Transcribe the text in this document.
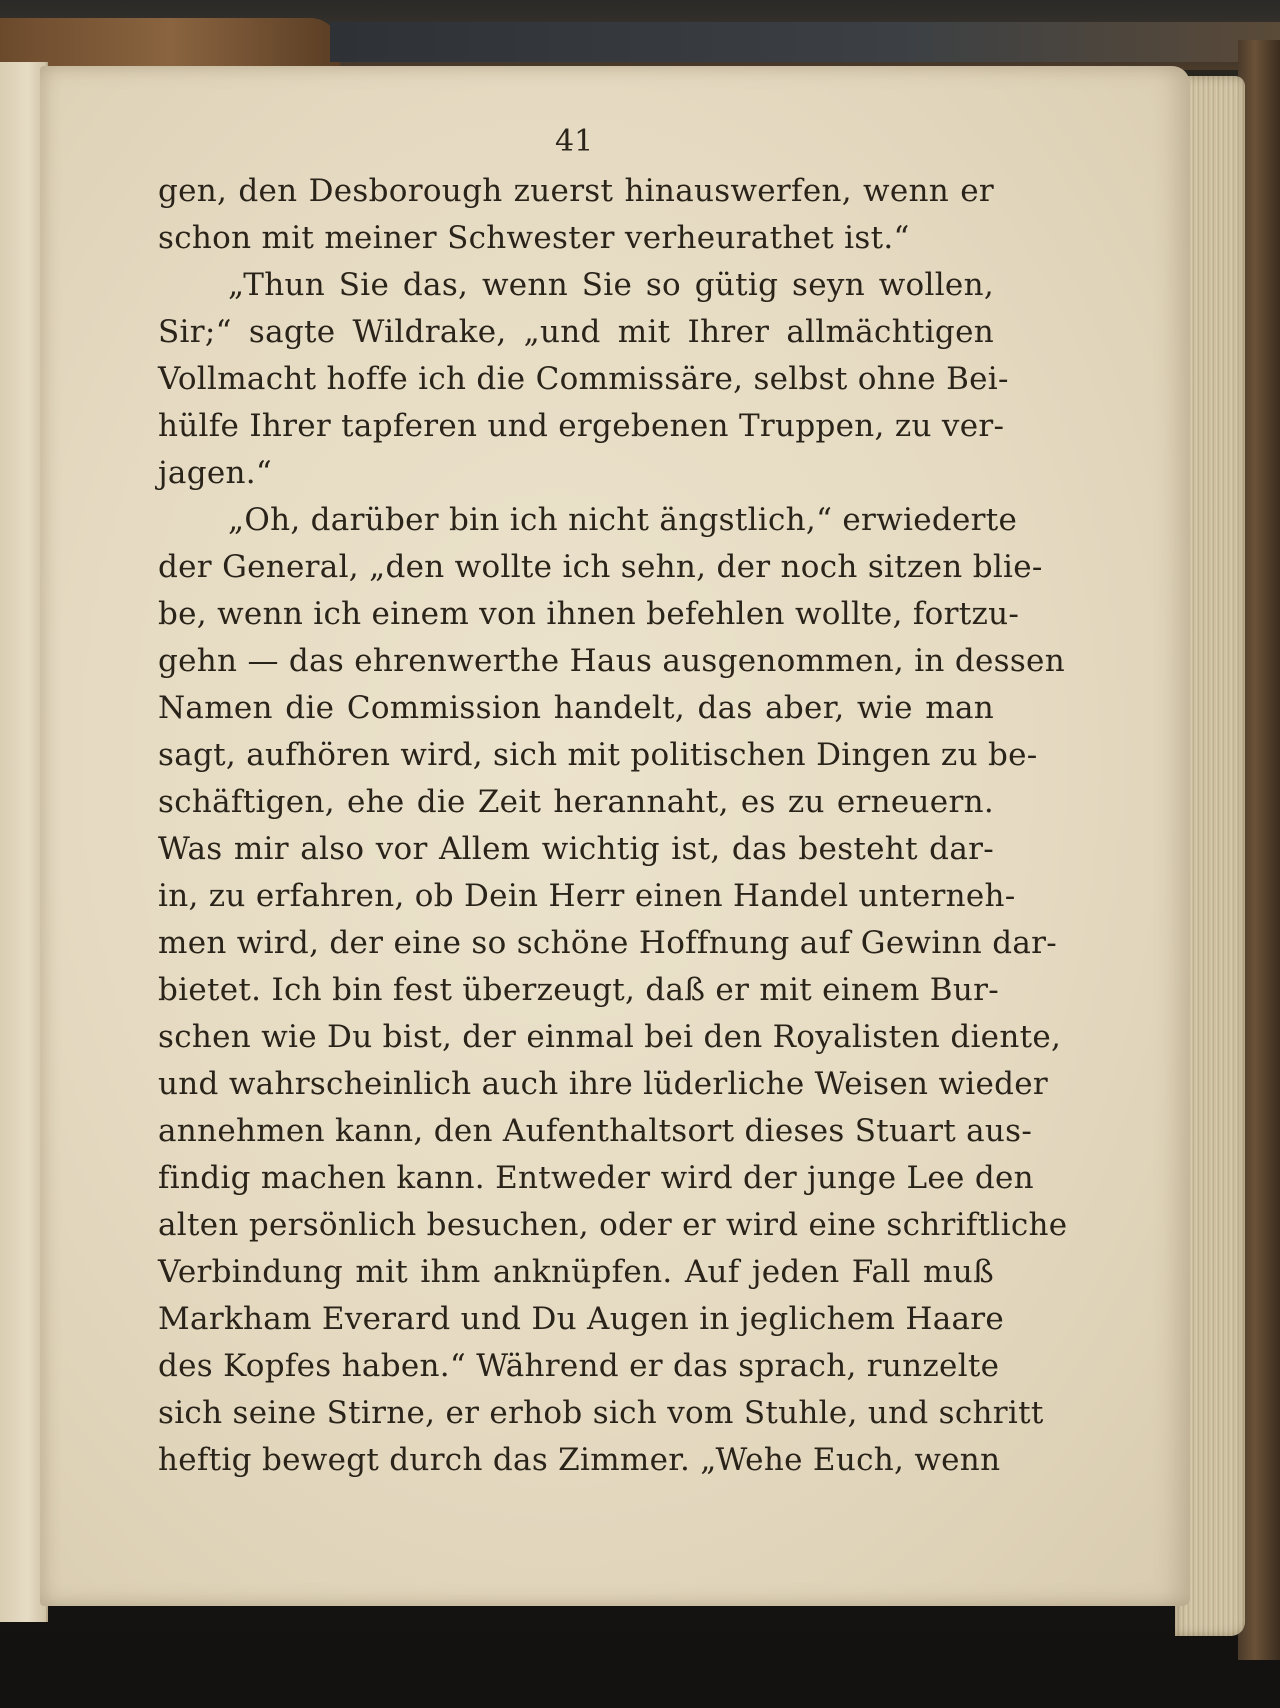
41
gen, den Desborough zuerst hinauswerfen, wenn er
schon mit meiner Schwester verheurathet ist.“
„Thun Sie das, wenn Sie so gütig seyn wollen,
Sir;“ sagte Wildrake, „und mit Ihrer allmächtigen
Vollmacht hoffe ich die Commissäre, selbst ohne Bei-
hülfe Ihrer tapferen und ergebenen Truppen, zu ver-
jagen.“
„Oh, darüber bin ich nicht ängstlich,“ erwiederte
der General, „den wollte ich sehn, der noch sitzen blie-
be, wenn ich einem von ihnen befehlen wollte, fortzu-
gehn — das ehrenwerthe Haus ausgenommen, in dessen
Namen die Commission handelt, das aber, wie man
sagt, aufhören wird, sich mit politischen Dingen zu be-
schäftigen, ehe die Zeit herannaht, es zu erneuern.
Was mir also vor Allem wichtig ist, das besteht dar-
in, zu erfahren, ob Dein Herr einen Handel unterneh-
men wird, der eine so schöne Hoffnung auf Gewinn dar-
bietet. Ich bin fest überzeugt, daß er mit einem Bur-
schen wie Du bist, der einmal bei den Royalisten diente,
und wahrscheinlich auch ihre lüderliche Weisen wieder
annehmen kann, den Aufenthaltsort dieses Stuart aus-
findig machen kann. Entweder wird der junge Lee den
alten persönlich besuchen, oder er wird eine schriftliche
Verbindung mit ihm anknüpfen. Auf jeden Fall muß
Markham Everard und Du Augen in jeglichem Haare
des Kopfes haben.“ Während er das sprach, runzelte
sich seine Stirne, er erhob sich vom Stuhle, und schritt
heftig bewegt durch das Zimmer. „Wehe Euch, wenn
